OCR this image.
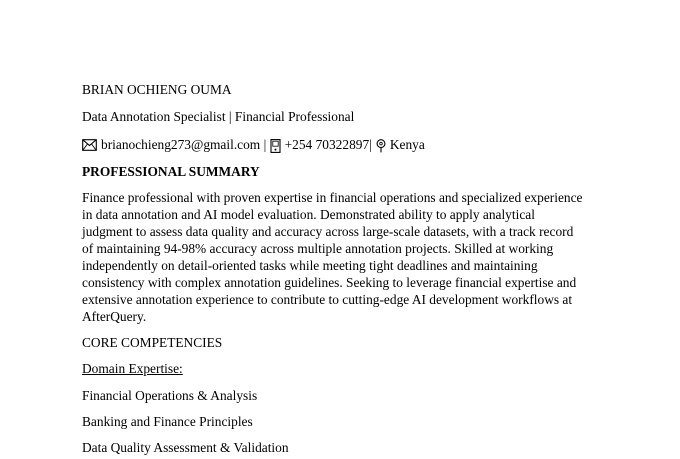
BRIAN OCHIENG OUMA
Data Annotation Specialist | Financial Professional
brianochieng273@gmail.com | +254 70322897 | Kenya
PROFESSIONAL SUMMARY
Finance professional with proven expertise in financial operations and specialized experience
in data annotation and AI model evaluation. Demonstrated ability to apply analytical
judgment to assess data quality and accuracy across large-scale datasets, with a track record
of maintaining 94-98% accuracy across multiple annotation projects. Skilled at working
independently on detail-oriented tasks while meeting tight deadlines and maintaining
consistency with complex annotation guidelines. Seeking to leverage financial expertise and
extensive annotation experience to contribute to cutting-edge AI development workflows at
AfterQuery.
CORE COMPETENCIES
Domain Expertise:
Financial Operations & Analysis
Banking and Finance Principles
Data Quality Assessment & Validation
